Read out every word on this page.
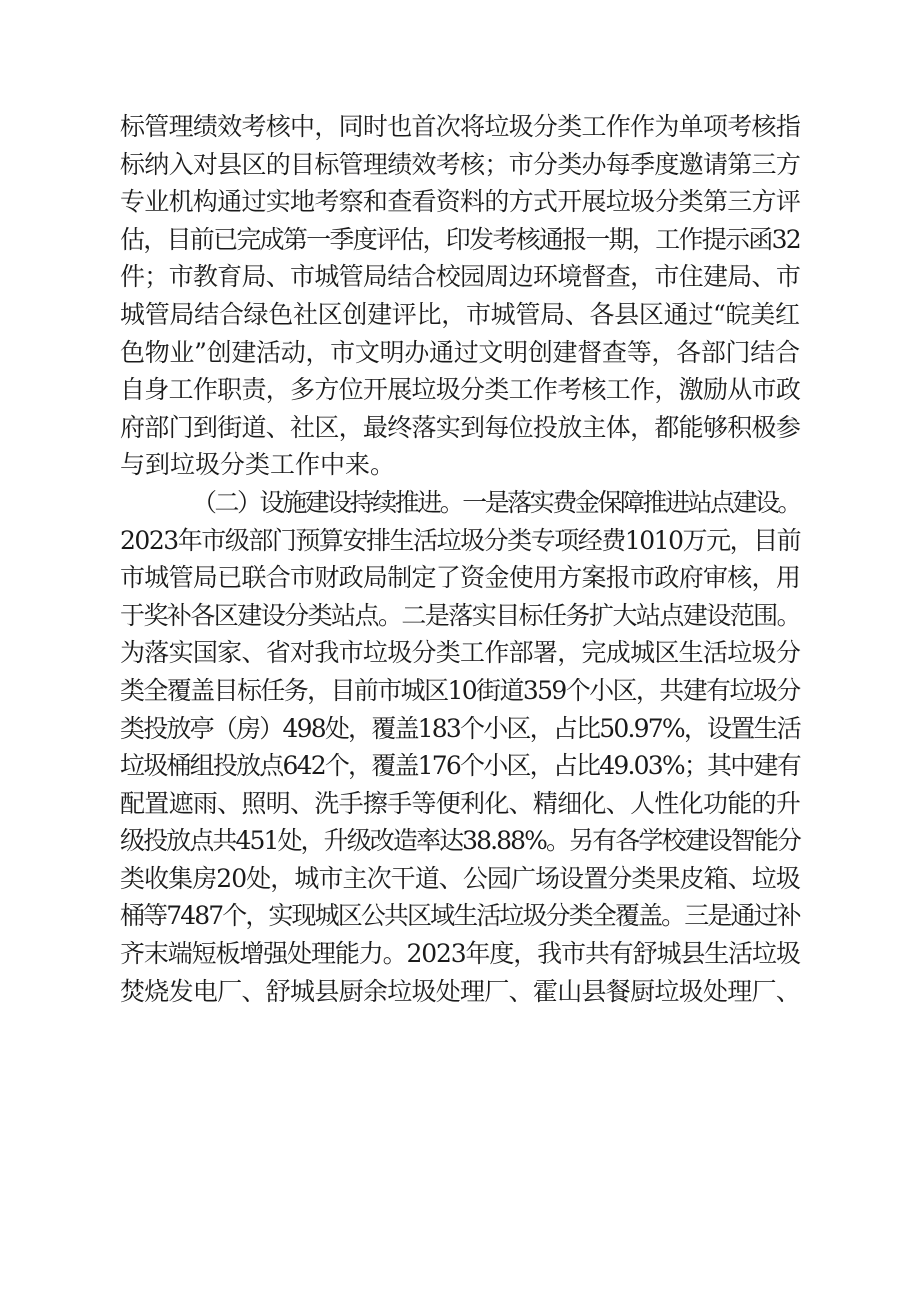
标管理绩效考核中，同时也首次将垃圾分类工作作为单项考核指
标纳入对县区的目标管理绩效考核；市分类办每季度邀请第三方
专业机构通过实地考察和查看资料的方式开展垃圾分类第三方评
估，目前已完成第一季度评估，印发考核通报一期，工作提示函32
件；市教育局、市城管局结合校园周边环境督查，市住建局、市
城管局结合绿色社区创建评比，市城管局、各县区通过“皖美红
色物业”创建活动，市文明办通过文明创建督查等，各部门结合
自身工作职责，多方位开展垃圾分类工作考核工作，激励从市政
府部门到街道、社区，最终落实到每位投放主体，都能够积极参
与到垃圾分类工作中来。
（二）设施建设持续推进。一是落实费金保障推进站点建设。
2023年市级部门预算安排生活垃圾分类专项经费1010万元，目前
市城管局已联合市财政局制定了资金使用方案报市政府审核，用
于奖补各区建设分类站点。二是落实目标任务扩大站点建设范围。
为落实国家、省对我市垃圾分类工作部署，完成城区生活垃圾分
类全覆盖目标任务，目前市城区10街道359个小区，共建有垃圾分
类投放亭（房）498处，覆盖183个小区，占比50.97%，设置生活
垃圾桶组投放点642个，覆盖176个小区，占比49.03%；其中建有
配置遮雨、照明、洗手擦手等便利化、精细化、人性化功能的升
级投放点共451处，升级改造率达38.88%。另有各学校建设智能分
类收集房20处，城市主次干道、公园广场设置分类果皮箱、垃圾
桶等7487个，实现城区公共区域生活垃圾分类全覆盖。三是通过补
齐末端短板增强处理能力。2023年度，我市共有舒城县生活垃圾
焚烧发电厂、舒城县厨余垃圾处理厂、霍山县餐厨垃圾处理厂、
